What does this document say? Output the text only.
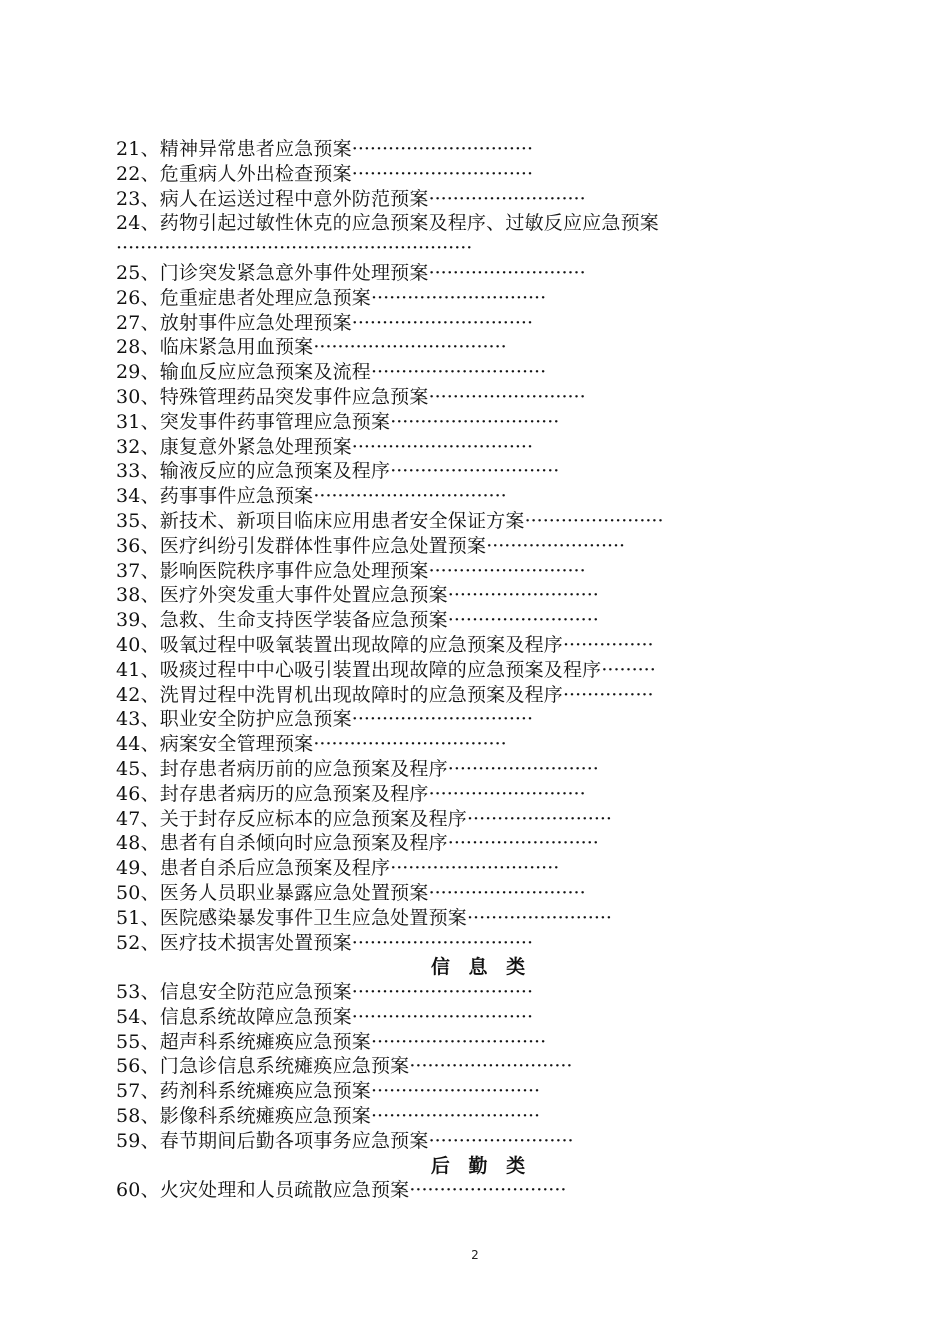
21、精神异常患者应急预案······························
22、危重病人外出检查预案······························
23、病人在运送过程中意外防范预案··························
24、药物引起过敏性休克的应急预案及程序、过敏反应应急预案···························································
25、门诊突发紧急意外事件处理预案··························
26、危重症患者处理应急预案·····························
27、放射事件应急处理预案······························
28、临床紧急用血预案································
29、输血反应应急预案及流程·····························
30、特殊管理药品突发事件应急预案··························
31、突发事件药事管理应急预案····························
32、康复意外紧急处理预案······························
33、输液反应的应急预案及程序····························
34、药事事件应急预案································
35、新技术、新项目临床应用患者安全保证方案·······················
36、医疗纠纷引发群体性事件应急处置预案·······················
37、影响医院秩序事件应急处理预案··························
38、医疗外突发重大事件处置应急预案·························
39、急救、生命支持医学装备应急预案·························
40、吸氧过程中吸氧装置出现故障的应急预案及程序···············
41、吸痰过程中中心吸引装置出现故障的应急预案及程序·········
42、洗胃过程中洗胃机出现故障时的应急预案及程序···············
43、职业安全防护应急预案······························
44、病案安全管理预案································
45、封存患者病历前的应急预案及程序·························
46、封存患者病历的应急预案及程序··························
47、关于封存反应标本的应急预案及程序························
48、患者有自杀倾向时应急预案及程序·························
49、患者自杀后应急预案及程序····························
50、医务人员职业暴露应急处置预案··························
51、医院感染暴发事件卫生应急处置预案························
52、医疗技术损害处置预案······························
信 息 类
53、信息安全防范应急预案······························
54、信息系统故障应急预案······························
55、超声科系统瘫痪应急预案·····························
56、门急诊信息系统瘫痪应急预案···························
57、药剂科系统瘫痪应急预案····························
58、影像科系统瘫痪应急预案····························
59、春节期间后勤各项事务应急预案························
后 勤 类
60、火灾处理和人员疏散应急预案··························
2
